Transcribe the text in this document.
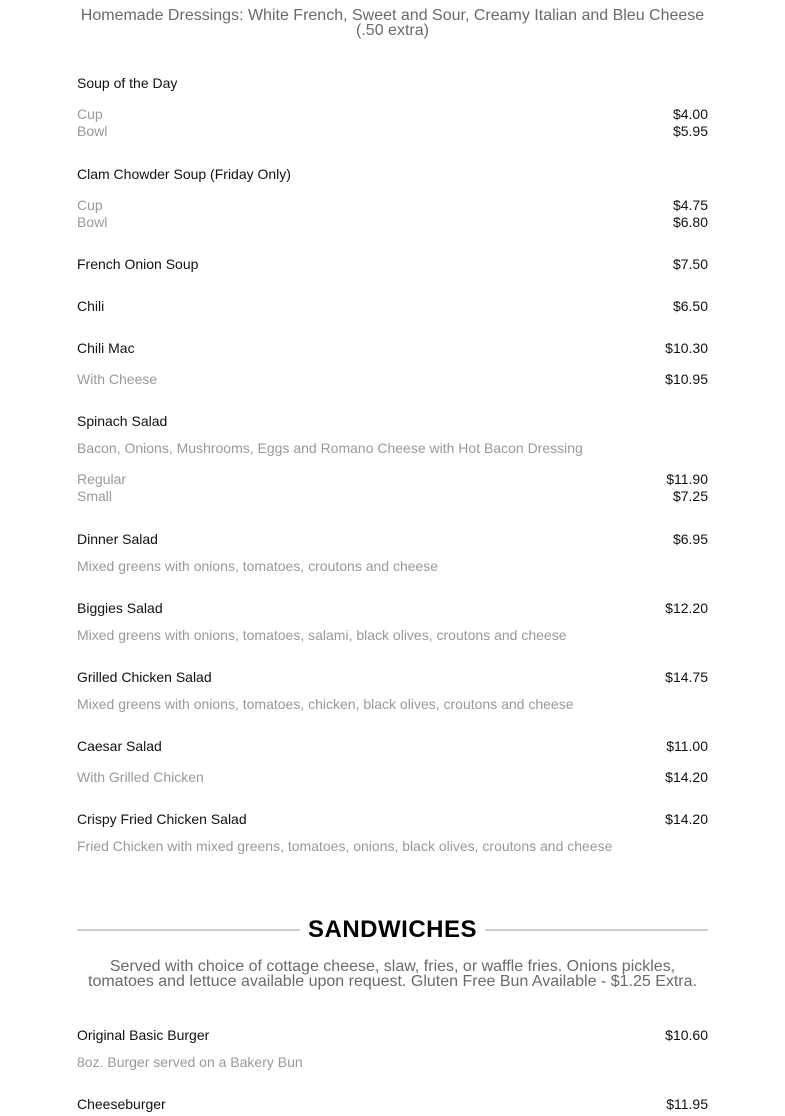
Homemade Dressings: White French, Sweet and Sour, Creamy Italian and Bleu Cheese (.50 extra)
Soup of the Day
Cup	$4.00
Bowl	$5.95
Clam Chowder Soup (Friday Only)
Cup	$4.75
Bowl	$6.80
French Onion Soup	$7.50
Chili	$6.50
Chili Mac	$10.30
With Cheese	$10.95
Spinach Salad
Bacon, Onions, Mushrooms, Eggs and Romano Cheese with Hot Bacon Dressing
Regular	$11.90
Small	$7.25
Dinner Salad	$6.95
Mixed greens with onions, tomatoes, croutons and cheese
Biggies Salad	$12.20
Mixed greens with onions, tomatoes, salami, black olives, croutons and cheese
Grilled Chicken Salad	$14.75
Mixed greens with onions, tomatoes, chicken, black olives, croutons and cheese
Caesar Salad	$11.00
With Grilled Chicken	$14.20
Crispy Fried Chicken Salad	$14.20
Fried Chicken with mixed greens, tomatoes, onions, black olives, croutons and cheese
SANDWICHES
Served with choice of cottage cheese, slaw, fries, or waffle fries. Onions pickles, tomatoes and lettuce available upon request. Gluten Free Bun Available - $1.25 Extra.
Original Basic Burger	$10.60
8oz. Burger served on a Bakery Bun
Cheeseburger	$11.95
